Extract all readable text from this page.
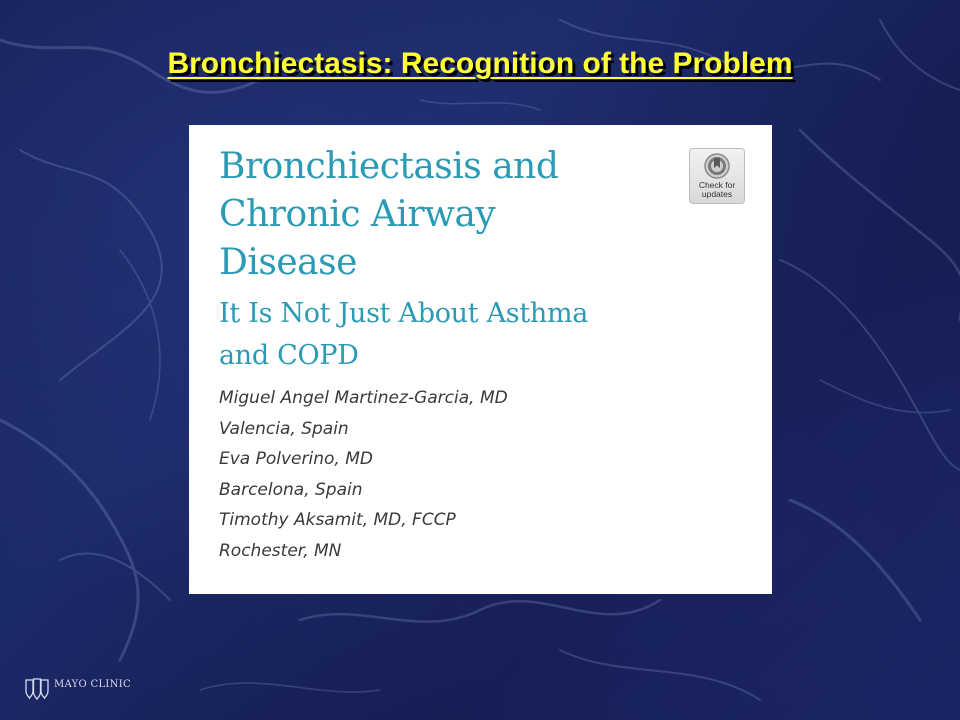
Bronchiectasis: Recognition of the Problem
Bronchiectasis and
Chronic Airway
Disease
It Is Not Just About Asthma
and COPD
Miguel Angel Martinez-Garcia, MD
Valencia, Spain
Eva Polverino, MD
Barcelona, Spain
Timothy Aksamit, MD, FCCP
Rochester, MN
Check for
updates
MAYO CLINIC
